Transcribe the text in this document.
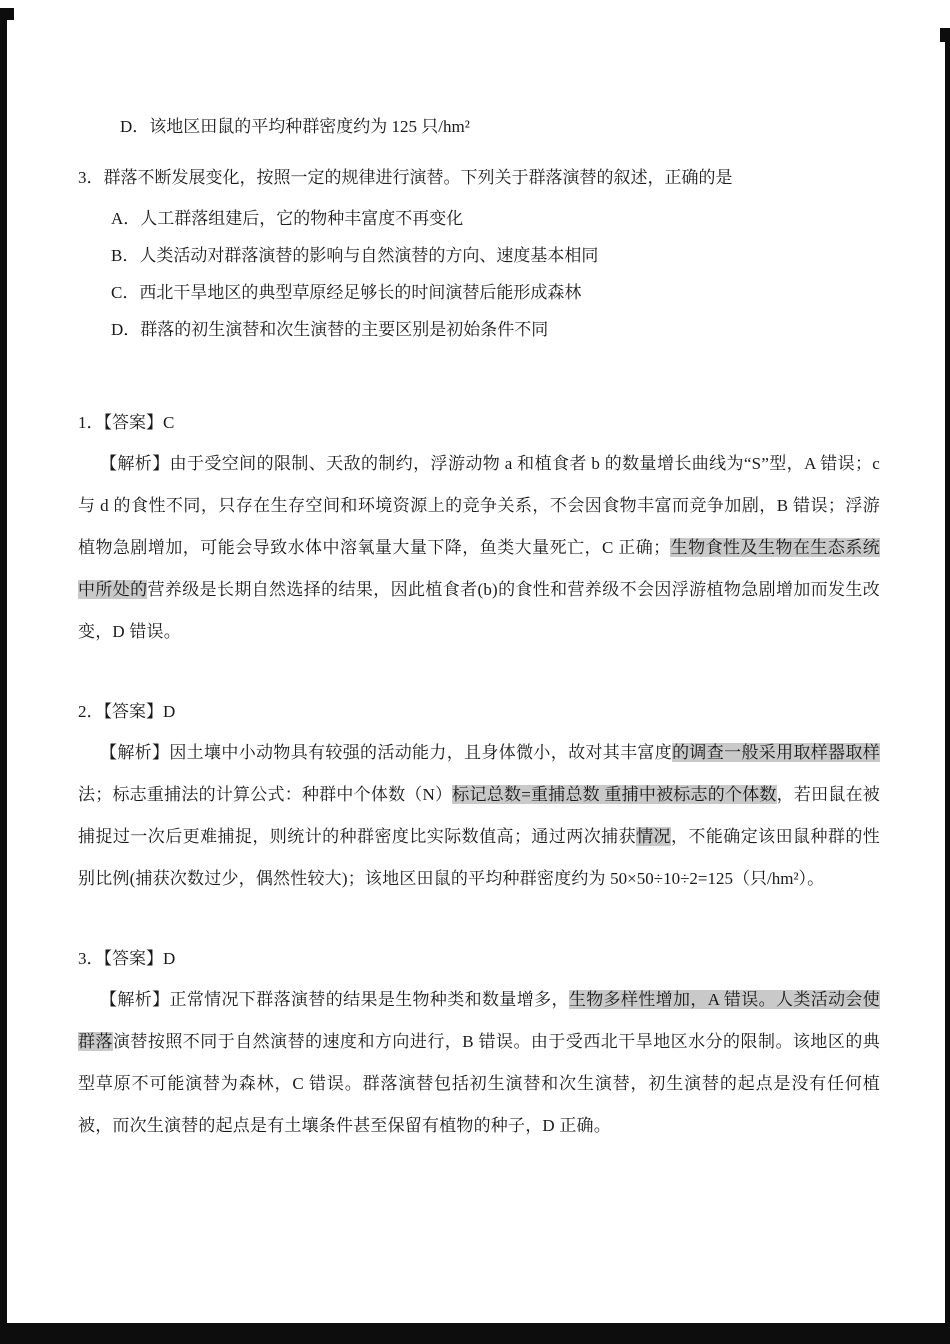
D．该地区田鼠的平均种群密度约为 125 只/hm²
3．群落不断发展变化，按照一定的规律进行演替。下列关于群落演替的叙述，正确的是
A．人工群落组建后，它的物种丰富度不再变化
B．人类活动对群落演替的影响与自然演替的方向、速度基本相同
C．西北干旱地区的典型草原经足够长的时间演替后能形成森林
D．群落的初生演替和次生演替的主要区别是初始条件不同
1．【答案】C
【解析】由于受空间的限制、天敌的制约，浮游动物 a 和植食者 b 的数量增长曲线为“S”型，A 错误；c 与 d 的食性不同，只存在生存空间和环境资源上的竞争关系，不会因食物丰富而竞争加剧，B 错误；浮游植物急剧增加，可能会导致水体中溶氧量大量下降，鱼类大量死亡，C 正确；生物食性及生物在生态系统中所处的营养级是长期自然选择的结果，因此植食者(b)的食性和营养级不会因浮游植物急剧增加而发生改变，D 错误。
2．【答案】D
【解析】因土壤中小动物具有较强的活动能力，且身体微小，故对其丰富度的调查一般采用取样器取样法；标志重捕法的计算公式：种群中个体数（N）标记总数=重捕总数 重捕中被标志的个体数，若田鼠在被捕捉过一次后更难捕捉，则统计的种群密度比实际数值高；通过两次捕获情况，不能确定该田鼠种群的性别比例(捕获次数过少，偶然性较大)；该地区田鼠的平均种群密度约为 50×50÷10÷2=125（只/hm²）。
3．【答案】D
【解析】正常情况下群落演替的结果是生物种类和数量增多，生物多样性增加，A 错误。人类活动会使群落演替按照不同于自然演替的速度和方向进行，B 错误。由于受西北干旱地区水分的限制。该地区的典型草原不可能演替为森林，C 错误。群落演替包括初生演替和次生演替，初生演替的起点是没有任何植被，而次生演替的起点是有土壤条件甚至保留有植物的种子，D 正确。
